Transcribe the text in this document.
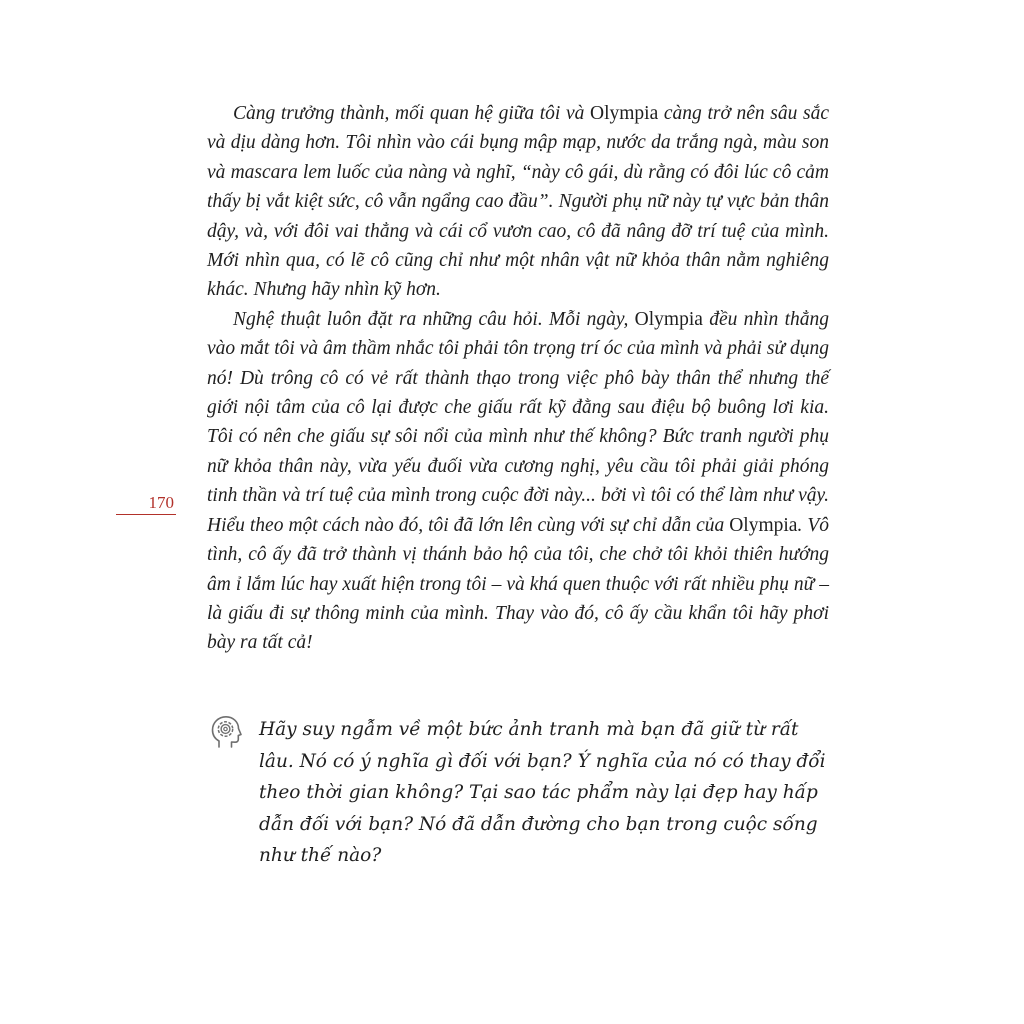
Càng trưởng thành, mối quan hệ giữa tôi và Olympia càng trở nên sâu sắc và dịu dàng hơn. Tôi nhìn vào cái bụng mập mạp, nước da trắng ngà, màu son và mascara lem luốc của nàng và nghĩ, “này cô gái, dù rằng có đôi lúc cô cảm thấy bị vắt kiệt sức, cô vẫn ngẩng cao đầu”. Người phụ nữ này tự vực bản thân dậy, và, với đôi vai thẳng và cái cổ vươn cao, cô đã nâng đỡ trí tuệ của mình. Mới nhìn qua, có lẽ cô cũng chỉ như một nhân vật nữ khỏa thân nằm nghiêng khác. Nhưng hãy nhìn kỹ hơn.

Nghệ thuật luôn đặt ra những câu hỏi. Mỗi ngày, Olympia đều nhìn thẳng vào mắt tôi và âm thầm nhắc tôi phải tôn trọng trí óc của mình và phải sử dụng nó! Dù trông cô có vẻ rất thành thạo trong việc phô bày thân thể nhưng thế giới nội tâm của cô lại được che giấu rất kỹ đằng sau điệu bộ buông lơi kia. Tôi có nên che giấu sự sôi nổi của mình như thế không? Bức tranh người phụ nữ khỏa thân này, vừa yếu đuối vừa cương nghị, yêu cầu tôi phải giải phóng tinh thần và trí tuệ của mình trong cuộc đời này... bởi vì tôi có thể làm như vậy. Hiểu theo một cách nào đó, tôi đã lớn lên cùng với sự chỉ dẫn của Olympia. Vô tình, cô ấy đã trở thành vị thánh bảo hộ của tôi, che chở tôi khỏi thiên hướng âm ỉ lắm lúc hay xuất hiện trong tôi – và khá quen thuộc với rất nhiều phụ nữ – là giấu đi sự thông minh của mình. Thay vào đó, cô ấy cầu khẩn tôi hãy phơi bày ra tất cả!

170

Hãy suy ngẫm về một bức ảnh tranh mà bạn đã giữ từ rất lâu. Nó có ý nghĩa gì đối với bạn? Ý nghĩa của nó có thay đổi theo thời gian không? Tại sao tác phẩm này lại đẹp hay hấp dẫn đối với bạn? Nó đã dẫn đường cho bạn trong cuộc sống như thế nào?
